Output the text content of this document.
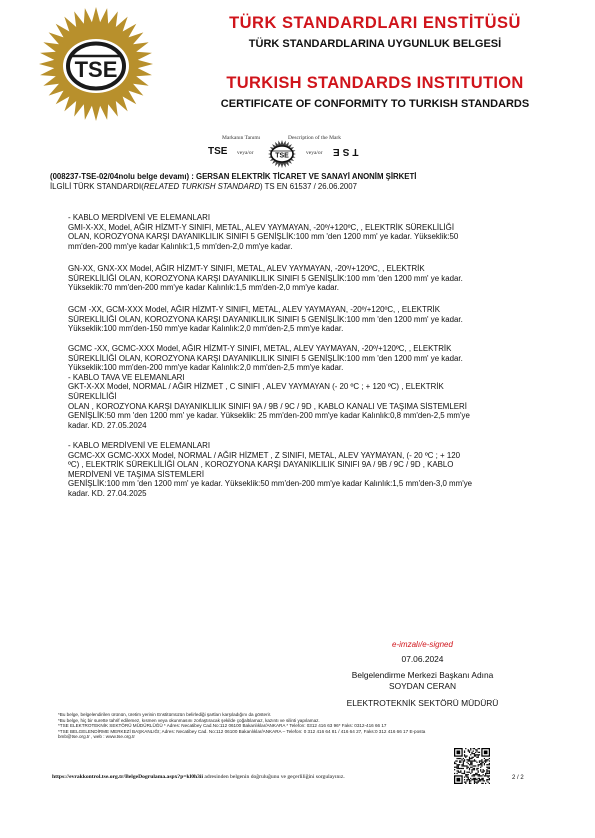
TSE
TÜRK STANDARDLARI ENSTİTÜSÜ
TÜRK STANDARDLARINA UYGUNLUK BELGESİ
TURKISH STANDARDS INSTITUTION
CERTIFICATE OF CONFORMITY TO TURKISH STANDARDS
Markanın Tanımı	Description of the Mark
TSE veya/or	TSE	veya/or TSE
(008237-TSE-02/04nolu belge devamı) : GERSAN ELEKTRİK TİCARET VE SANAYİ ANONİM ŞİRKETİ
İLGİLİ TÜRK STANDARDI(RELATED TURKISH STANDARD) TS EN 61537 / 26.06.2007

- KABLO MERDİVENİ VE ELEMANLARI

GMI-X-XX, Model, AĞIR HİZMT-Y SINIFI, METAL, ALEV YAYMAYAN, -20º/+120ºC, , ELEKTRİK SÜREKLİLİĞİ

OLAN, KOROZYONA KARŞI DAYANIKLILIK SINIFI 5 GENİŞLİK:100 mm 'den 1200 mm' ye kadar. Yükseklik:50

mm'den-200 mm'ye kadar Kalınlık:1,5 mm'den-2,0 mm'ye kadar.

GN-XX, GNX-XX Model, AĞIR HİZMT-Y SINIFI, METAL, ALEV YAYMAYAN, -20º/+120ºC, , ELEKTRİK

SÜREKLİLİĞİ OLAN, KOROZYONA KARŞI DAYANIKLILIK SINIFI 5 GENİŞLİK:100 mm 'den 1200 mm' ye kadar.

Yükseklik:70 mm'den-200 mm'ye kadar Kalınlık:1,5 mm'den-2,0 mm'ye kadar.

GCM -XX, GCM-XXX Model, AĞIR HİZMT-Y SINIFI, METAL, ALEV YAYMAYAN, -20º/+120ºC, , ELEKTRİK

SÜREKLİLİĞİ OLAN, KOROZYONA KARŞI DAYANIKLILIK SINIFI 5 GENİŞLİK:100 mm 'den 1200 mm' ye kadar.

Yükseklik:100 mm'den-150 mm'ye kadar Kalınlık:2,0 mm'den-2,5 mm'ye kadar.

GCMC -XX, GCMC-XXX Model, AĞIR HİZMT-Y SINIFI, METAL, ALEV YAYMAYAN, -20º/+120ºC, , ELEKTRİK

SÜREKLİLİĞİ OLAN, KOROZYONA KARŞI DAYANIKLILIK SINIFI 5 GENİŞLİK:100 mm 'den 1200 mm' ye kadar.

Yükseklik:100 mm'den-200 mm'ye kadar Kalınlık:2,0 mm'den-2,5 mm'ye kadar.

- KABLO TAVA VE ELEMANLARI

GKT-X-XX Model, NORMAL / AĞIR HİZMET , C SINIFI , ALEV YAYMAYAN (- 20 ºC ; + 120 ºC) , ELEKTRİK

SÜREKLİLİĞİ

OLAN , KOROZYONA KARŞI DAYANIKLILIK SINIFI 9A / 9B / 9C / 9D , KABLO KANALI VE TAŞIMA SİSTEMLERİ

GENİŞLİK:50 mm 'den 1200 mm' ye kadar. Yükseklik: 25 mm'den-200 mm'ye kadar Kalınlık:0,8 mm'den-2,5 mm'ye

kadar. KD. 27.05.2024

- KABLO MERDİVENİ VE ELEMANLARI

GCMC-XX GCMC-XXX Model, NORMAL / AĞIR HİZMET , Z SINIFI, METAL, ALEV YAYMAYAN, (- 20 ºC ; + 120

ºC) , ELEKTRİK SÜREKLİLİĞİ OLAN , KOROZYONA KARŞI DAYANIKLILIK SINIFI 9A / 9B / 9C / 9D , KABLO

MERDİVENİ VE TAŞIMA SİSTEMLERİ

GENİŞLİK:100 mm 'den 1200 mm' ye kadar. Yükseklik:50 mm'den-200 mm'ye kadar Kalınlık:1,5 mm'den-3,0 mm'ye

kadar. KD. 27.04.2025

e-imzalı/e-signed
07.06.2024
Belgelendirme Merkezi Başkanı Adına
SOYDAN CERAN
ELEKTROTEKNİK SEKTÖRÜ MÜDÜRÜ
*Bu belge, belgelendirilen ürünün, üretim yerinin Enstitümüzün belirlediği şartları karşıladığını da gösterir.
*Bu belge, hiç bir surette tahrif edilemez, kısmen veya okunmasını zorlaştıracak şekilde çoğaltılamaz, kazıntı ve silinti yapılamaz.
*TSE ELEKTROTEKNİK SEKTÖRÜ MÜDÜRLÜĞÜ * Adres: Necatibey Cad.No:112 06100 Bakanlıklar/ANKARA * Telefon: 0312 416 63 96* Faks: 0312-416 66 17
*TSE BELGELENDİRME MERKEZİ BAŞKANLIĞI; Adres: Necatibey Cad. No:112 06100 Bakanlıklar/ANKARA – Telefon: 0 312 416 64 81 / 416 64 27, Faks:0 312 416 66 17 E-posta
bmb@tse.org.tr , web : www.tse.org.tr
https://evrakkontrol.tse.org.tr/BelgeDogrulama.aspx?p=kl0h3ii adresinden belgenin doğruluğunu ve geçerliliğini sorgulayınız.	2 / 2
